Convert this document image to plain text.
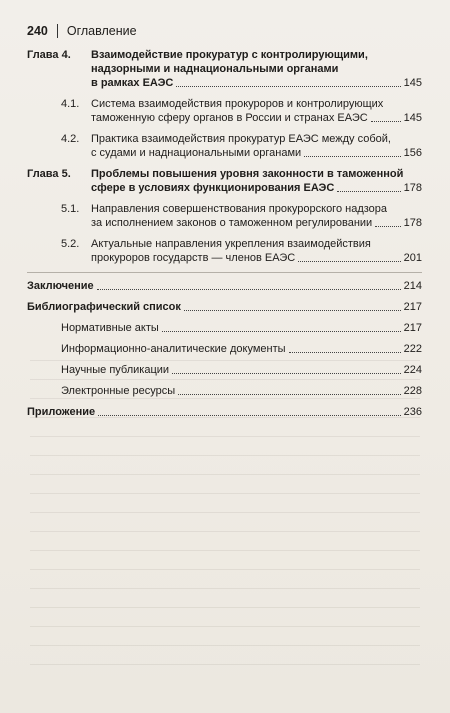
240 Оглавление
Глава 4.	Взаимодействие прокуратур с контролирующими,
надзорными и наднациональными органами
в рамках ЕАЭС	145
4.1.	Система взаимодействия прокуроров и контролирующих
таможенную сферу органов в России и странах ЕАЭС	145
4.2.	Практика взаимодействия прокуратур ЕАЭС между собой,
с судами и наднациональными органами	156
Глава 5.	Проблемы повышения уровня законности в таможенной
сфере в условиях функционирования ЕАЭС	178
5.1.	Направления совершенствования прокурорского надзора
за исполнением законов о таможенном регулировании	178
5.2.	Актуальные направления укрепления взаимодействия
прокуроров государств — членов ЕАЭС	201
Заключение	214
Библиографический список	217
Нормативные акты	217
Информационно-аналитические документы	222
Научные публикации	224
Электронные ресурсы	228
Приложение	236
